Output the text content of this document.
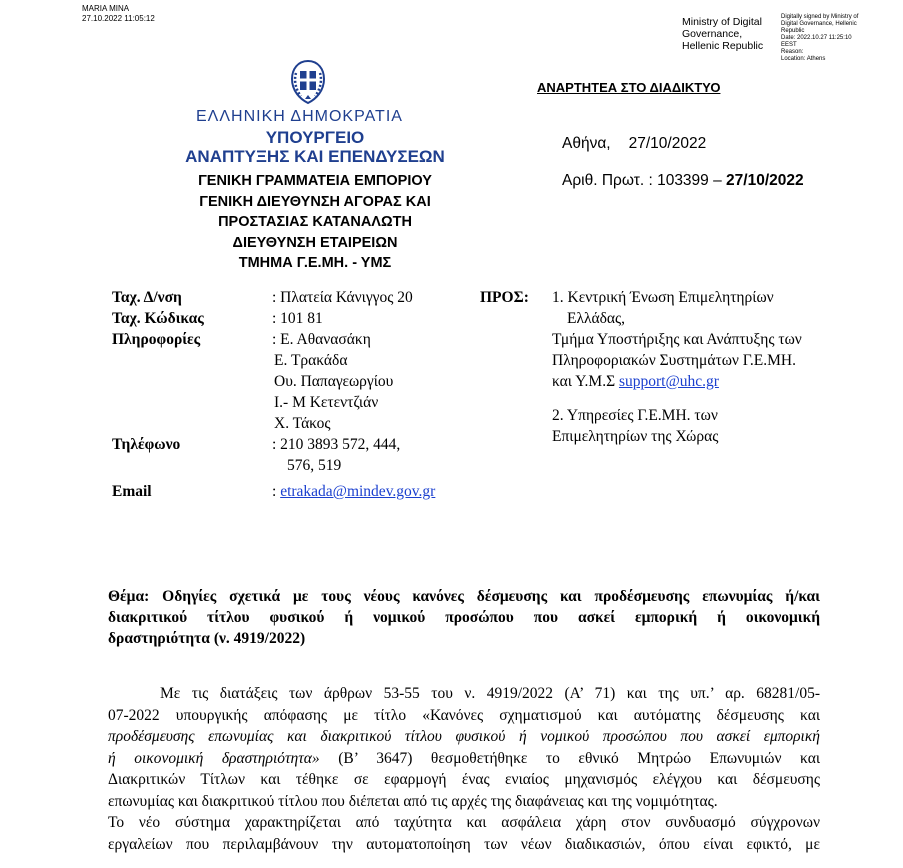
MARIA MINA
27.10.2022 11:05:12	Ministry of Digital
Governance,
Hellenic Republic
Digitally signed by Ministry of
Digital Governance, Hellenic
Republic
Date: 2022.10.27 11:25:10
EEST
Reason:
Location: Athens
ΑΝΑΡΤΗΤΕΑ ΣΤΟ ΔΙΑΔΙΚΤΥΟ
ΕΛΛΗΝΙΚΗ ΔΗΜΟΚΡΑΤΙΑ
ΥΠΟΥΡΓΕΙΟ
ΑΝΑΠΤΥΞΗΣ ΚΑΙ ΕΠΕΝΔΥΣΕΩΝ
ΓΕΝΙΚΗ ΓΡΑΜΜΑΤΕΙΑ ΕΜΠΟΡΙΟΥ
ΓΕΝΙΚΗ ΔΙΕΥΘΥΝΣΗ ΑΓΟΡΑΣ ΚΑΙ
ΠΡΟΣΤΑΣΙΑΣ ΚΑΤΑΝΑΛΩΤΗ
ΔΙΕΥΘΥΝΣΗ ΕΤΑΙΡΕΙΩΝ
ΤΜΗΜΑ Γ.Ε.ΜΗ. - ΥΜΣ
Αθήνα, 27/10/2022
Αριθ. Πρωτ. : 103399 – 27/10/2022
Ταχ. Δ/νση	: Πλατεία Κάνιγγος 20
Ταχ. Κώδικας	: 101 81
Πληροφορίες	: Ε. Αθανασάκη
Ε. Τρακάδα
Ου. Παπαγεωργίου
Ι.- Μ Κετεντζιάν
Χ. Τάκος
Τηλέφωνο	: 210 3893 572, 444,
576, 519
Email	: etrakada@mindev.gov.gr
ΠΡΟΣ: 1. Κεντρική Ένωση Επιμελητηρίων
Ελλάδας,
Τμήμα Υποστήριξης και Ανάπτυξης των
Πληροφοριακών Συστημάτων Γ.Ε.ΜΗ.
και Υ.Μ.Σ support@uhc.gr
2. Υπηρεσίες Γ.Ε.ΜΗ. των
Επιμελητηρίων της Χώρας
Θέμα: Οδηγίες σχετικά με τους νέους κανόνες δέσμευσης και προδέσμευσης επωνυμίας ή/και
διακριτικού τίτλου φυσικού ή νομικού προσώπου που ασκεί εμπορική ή οικονομική
δραστηριότητα (ν. 4919/2022)
Με τις διατάξεις των άρθρων 53-55 του ν. 4919/2022 (Α’ 71) και της υπ.’ αρ. 68281/05-
07-2022 υπουργικής απόφασης με τίτλο «Κανόνες σχηματισμού και αυτόματης δέσμευσης και
προδέσμευσης επωνυμίας και διακριτικού τίτλου φυσικού ή νομικού προσώπου που ασκεί εμπορική
ή οικονομική δραστηριότητα» (Β’ 3647) θεσμοθετήθηκε το εθνικό Μητρώο Επωνυμιών και
Διακριτικών Τίτλων και τέθηκε σε εφαρμογή ένας ενιαίος μηχανισμός ελέγχου και δέσμευσης
επωνυμίας και διακριτικού τίτλου που διέπεται από τις αρχές της διαφάνειας και της νομιμότητας.
Το νέο σύστημα χαρακτηρίζεται από ταχύτητα και ασφάλεια χάρη στον συνδυασμό σύγχρονων
εργαλείων που περιλαμβάνουν την αυτοματοποίηση των νέων διαδικασιών, όπου είναι εφικτό, με
